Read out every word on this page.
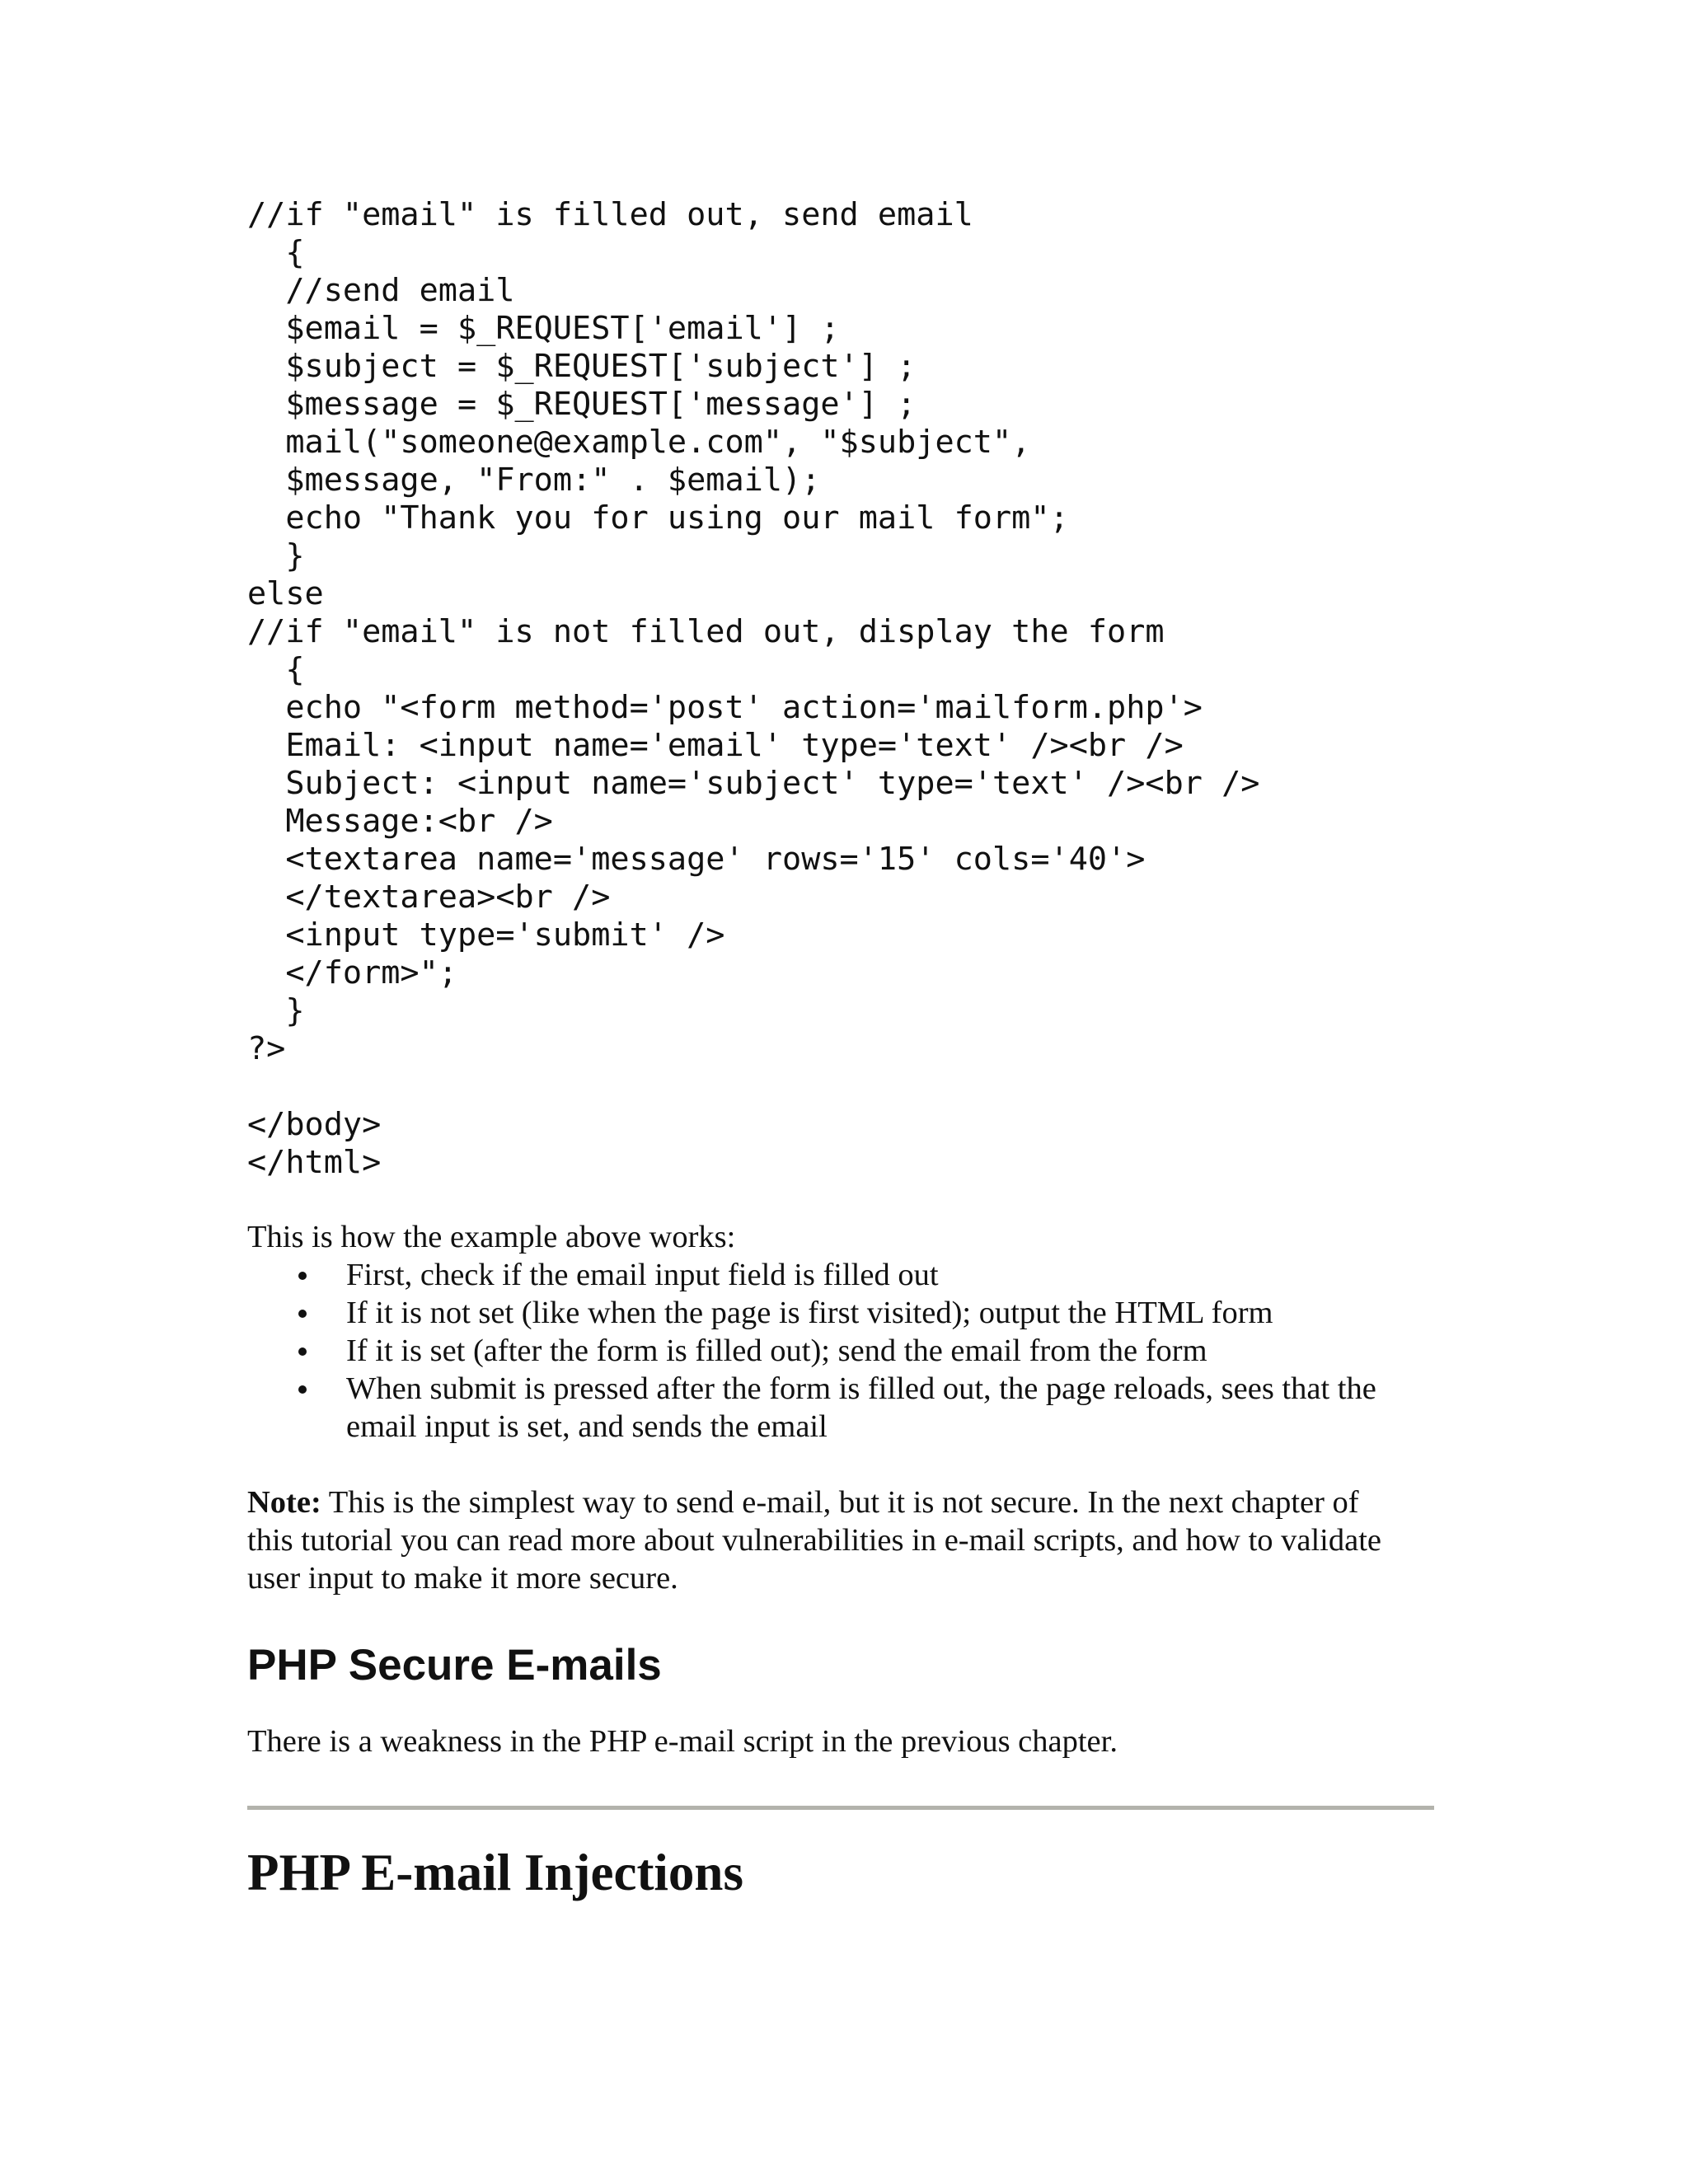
//if "email" is filled out, send email
{
//send email
$email = $_REQUEST['email'] ;
$subject = $_REQUEST['subject'] ;
$message = $_REQUEST['message'] ;
mail("someone@example.com", "$subject",
$message, "From:" . $email);
echo "Thank you for using our mail form";
}
else
//if "email" is not filled out, display the form
{
echo "<form method='post' action='mailform.php'>
Email: <input name='email' type='text' /><br />
Subject: <input name='subject' type='text' /><br />
Message:<br />
<textarea name='message' rows='15' cols='40'>
</textarea><br />
<input type='submit' />
</form>";
}
?>
</body>
</html>
This is how the example above works:
First, check if the email input field is filled out
If it is not set (like when the page is first visited); output the HTML form
If it is set (after the form is filled out); send the email from the form
When submit is pressed after the form is filled out, the page reloads, sees that the
email input is set, and sends the email
Note: This is the simplest way to send e-mail, but it is not secure. In the next chapter of
this tutorial you can read more about vulnerabilities in e-mail scripts, and how to validate
user input to make it more secure.
PHP Secure E-mails
There is a weakness in the PHP e-mail script in the previous chapter.
PHP E-mail Injections
